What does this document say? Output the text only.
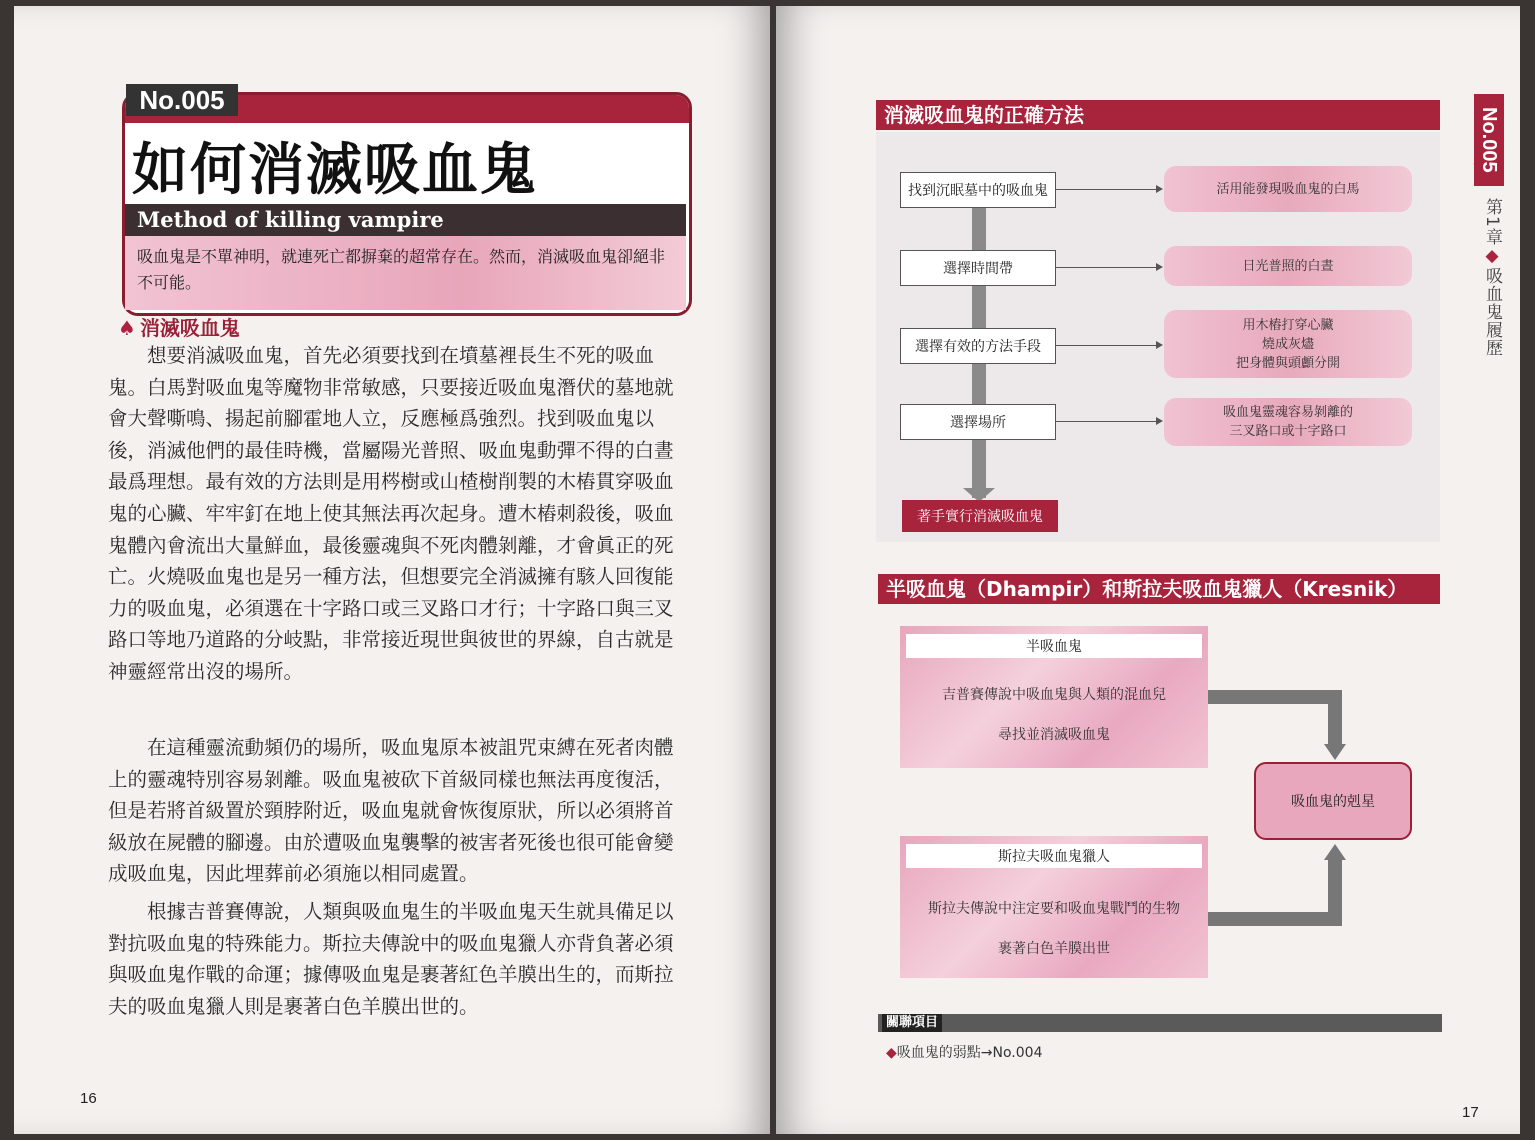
No.005
如何消滅吸血鬼
Method of killing vampire
吸血鬼是不單神明，就連死亡都摒棄的超常存在。然而，消滅吸血鬼卻絕非不可能。
♠ 消滅吸血鬼

想要消滅吸血鬼，首先必須要找到在墳墓裡長生不死的吸血鬼。白馬對吸血鬼等魔物非常敏感，只要接近吸血鬼潛伏的墓地就會大聲嘶鳴、揚起前腳霍地人立，反應極爲強烈。找到吸血鬼以後，消滅他們的最佳時機，當屬陽光普照、吸血鬼動彈不得的白晝最爲理想。最有效的方法則是用梣樹或山楂樹削製的木樁貫穿吸血鬼的心臟、牢牢釘在地上使其無法再次起身。遭木樁刺殺後，吸血鬼體內會流出大量鮮血，最後靈魂與不死肉體剝離，才會眞正的死亡。火燒吸血鬼也是另一種方法，但想要完全消滅擁有駭人回復能力的吸血鬼，必須選在十字路口或三叉路口才行；十字路口與三叉路口等地乃道路的分岐點，非常接近現世與彼世的界線，自古就是神靈經常出沒的場所。

在這種靈流動頻仍的場所，吸血鬼原本被詛咒束縛在死者肉體上的靈魂特別容易剝離。吸血鬼被砍下首級同樣也無法再度復活，但是若將首級置於頸脖附近，吸血鬼就會恢復原狀，所以必須將首級放在屍體的腳邊。由於遭吸血鬼襲擊的被害者死後也很可能會變成吸血鬼，因此埋葬前必須施以相同處置。

根據吉普賽傳說，人類與吸血鬼生的半吸血鬼天生就具備足以對抗吸血鬼的特殊能力。斯拉夫傳說中的吸血鬼獵人亦背負著必須與吸血鬼作戰的命運；據傳吸血鬼是裹著紅色羊膜出生的，而斯拉夫的吸血鬼獵人則是裹著白色羊膜出世的。

16
消滅吸血鬼的正確方法
找到沉眠墓中的吸血鬼
選擇時間帶
選擇有效的方法手段
選擇場所
活用能發現吸血鬼的白馬
日光普照的白晝
用木樁打穿心臟
燒成灰燼
把身體與頭顱分開
吸血鬼靈魂容易剝離的
三叉路口或十字路口
著手實行消滅吸血鬼
半吸血鬼（Dhampir）和斯拉夫吸血鬼獵人（Kresnik）
半吸血鬼
吉普賽傳說中吸血鬼與人類的混血兒
尋找並消滅吸血鬼
斯拉夫吸血鬼獵人
斯拉夫傳說中注定要和吸血鬼戰鬥的生物
裹著白色羊膜出世
吸血鬼的剋星
No.005
第1章◆吸血鬼履歷
關聯項目
◆吸血鬼的弱點→No.004
17
